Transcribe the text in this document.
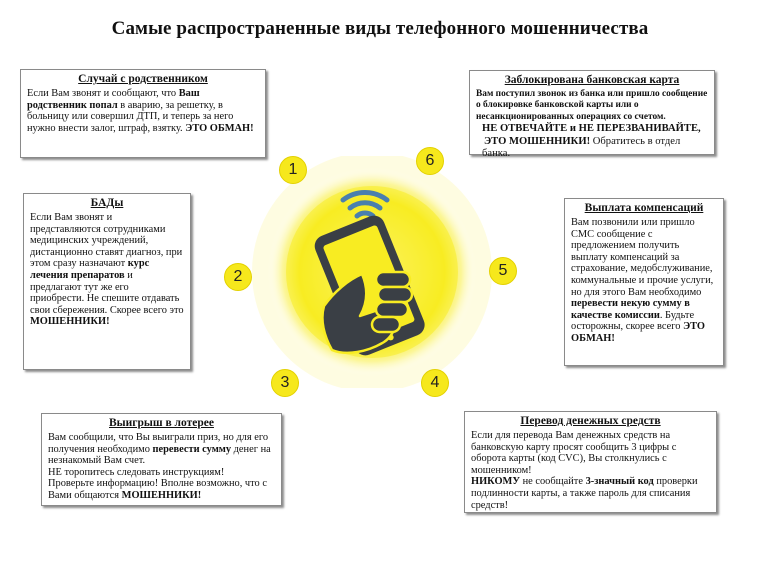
Самые распространенные виды телефонного мошенничества
1
6
2	5
3	4
Случай с родственником

Если Вам звонят и сообщают, что Ваш родственник попал в аварию, за решетку, в больницу или совершил ДТП, и теперь за него нужно внести залог, штраф, взятку. ЭТО ОБМАН!

Заблокирована банковская карта

Вам поступил звонок из банка или пришло сообщение о блокировке банковской карты или о несанкционированных операциях со счетом.

НЕ ОТВЕЧАЙТЕ и НЕ ПЕРЕЗВАНИВАЙТЕ,
ЭТО МОШЕННИКИ! Обратитесь в отдел банка.

БАДы

Если Вам звонят и представляются сотрудниками медицинских учреждений, дистанционно ставят диагноз, при этом сразу назначают курс лечения препаратов и предлагают тут же его приобрести. Не спешите отдавать свои сбережения. Скорее всего это МОШЕННИКИ!

Выплата компенсаций

Вам позвонили или пришло СМС сообщение с предложением получить выплату компенсаций за страхование, медобслуживание, коммунальные и прочие услуги, но для этого Вам необходимо перевести некую сумму в качестве комиссии. Будьте осторожны, скорее всего ЭТО ОБМАН!

Выигрыш в лотерее

Вам сообщили, что Вы выиграли приз, но для его получения необходимо перевести сумму денег на незнакомый Вам счет.

НЕ торопитесь следовать инструкциям!

Проверьте информацию! Вполне возможно, что с Вами общаются МОШЕННИКИ!

Перевод денежных средств

Если для перевода Вам денежных средств на банковскую карту просят сообщить 3 цифры с оборота карты (код CVC), Вы столкнулись с мошенником!

НИКОМУ не сообщайте 3-значный код проверки подлинности карты, а также пароль для списания средств!
